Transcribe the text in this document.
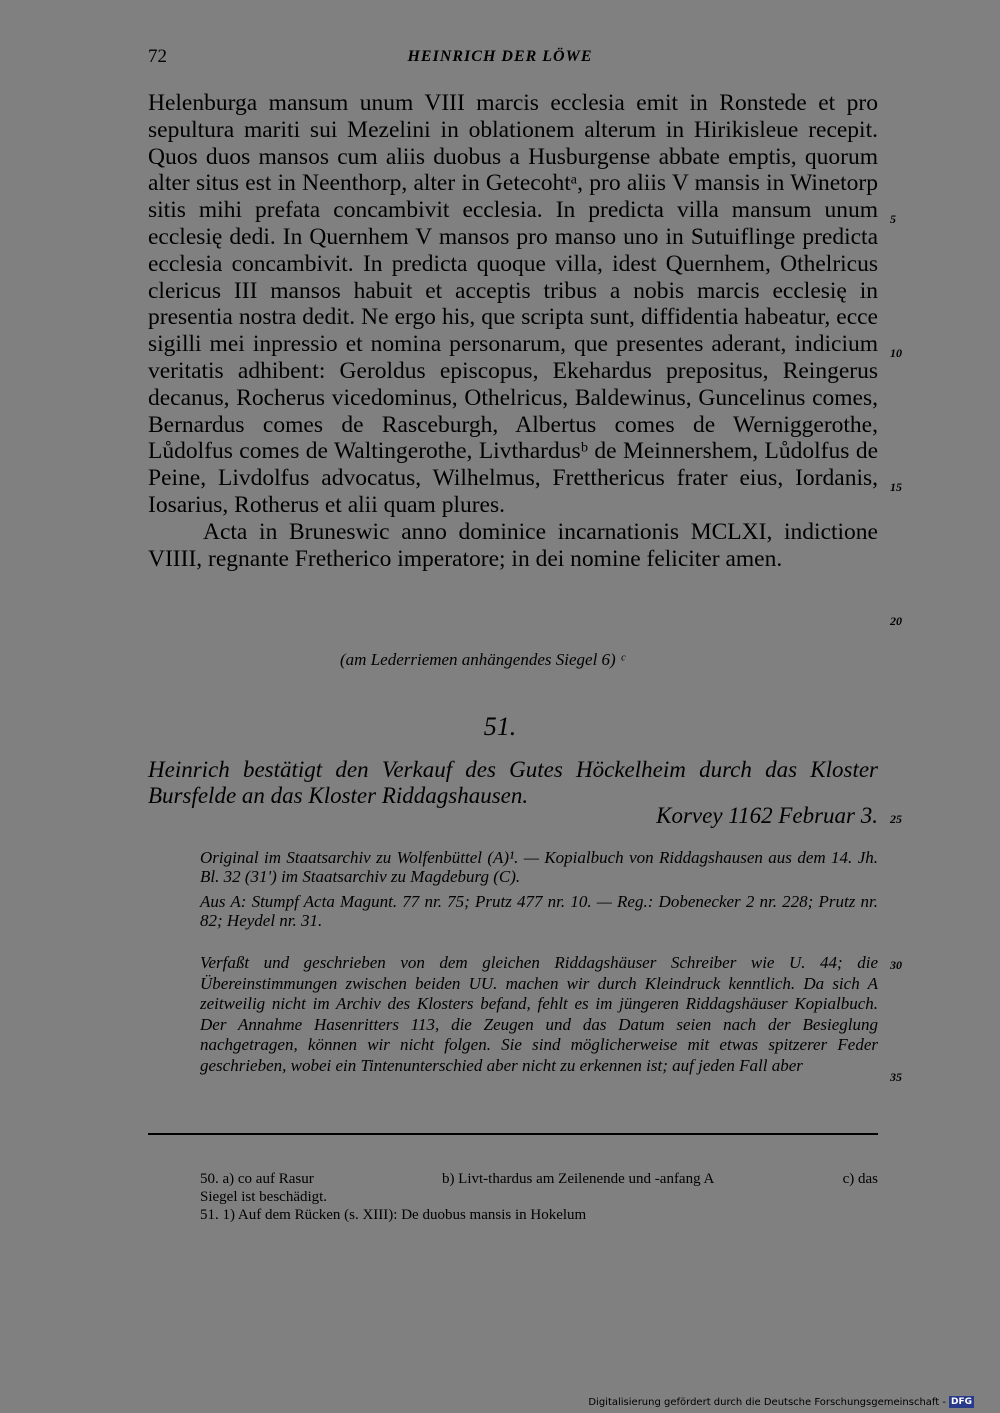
72	HEINRICH DER LÖWE

Helenburga mansum unum VIII marcis ecclesia emit in Ronstede et pro sepultura mariti sui Mezelini in oblationem alterum in Hirikisleue recepit. Quos duos mansos cum aliis duobus a Husburgense abbate emptis, quorum alter situs est in Neenthorp, alter in Getecohtᵃ, pro aliis V mansis in Winetorp sitis mihi prefata concambivit ecclesia. In predicta villa mansum unum ecclesię dedi. In Quernhem V mansos pro manso uno in Sutuiflinge predicta ecclesia concambivit. In predicta quoque villa, idest Quernhem, Othelricus clericus III mansos habuit et acceptis tribus a nobis marcis ecclesię in presentia nostra dedit. Ne ergo his, que scripta sunt, diffidentia habeatur, ecce sigilli mei inpressio et nomina personarum, que presentes aderant, indicium veritatis adhibent: Geroldus episcopus, Ekehardus prepositus, Reingerus decanus, Rocherus vicedominus, Othelricus, Baldewinus, Guncelinus comes, Bernardus comes de Rasceburgh, Albertus comes de Werniggerothe, Lůdolfus comes de Waltingerothe, Livthardusᵇ de Meinnershem, Lůdolfus de Peine, Livdolfus advocatus, Wilhelmus, Fretthericus frater eius, Iordanis, Iosarius, Rotherus et alii quam plures.

Acta in Bruneswic anno dominice incarnationis MCLXI, indictione VIIII, regnante Fretherico imperatore; in dei nomine feliciter amen.

5
10
15
20
25
30
35
(am Lederriemen anhängendes Siegel 6) ᶜ
51.
Heinrich bestätigt den Verkauf des Gutes Höckelheim durch das Kloster Bursfelde an das Kloster Riddagshausen.
Korvey 1162 Februar 3.

Original im Staatsarchiv zu Wolfenbüttel (A)¹. — Kopialbuch von Riddagshausen aus dem 14. Jh. Bl. 32 (31') im Staatsarchiv zu Magdeburg (C).

Aus A: Stumpf Acta Magunt. 77 nr. 75; Prutz 477 nr. 10. — Reg.: Dobenecker 2 nr. 228; Prutz nr. 82; Heydel nr. 31.

Verfaßt und geschrieben von dem gleichen Riddagshäuser Schreiber wie U. 44; die Übereinstimmungen zwischen beiden UU. machen wir durch Kleindruck kenntlich. Da sich A zeitweilig nicht im Archiv des Klosters befand, fehlt es im jüngeren Riddagshäuser Kopialbuch. Der Annahme Hasenritters 113, die Zeugen und das Datum seien nach der Besieglung nachgetragen, können wir nicht folgen. Sie sind möglicherweise mit etwas spitzerer Feder geschrieben, wobei ein Tintenunterschied aber nicht zu erkennen ist; auf jeden Fall aber
50. a) co auf Rasur	b) Livt-thardus am Zeilenende und -anfang A	c) das
Siegel ist beschädigt.
51. 1) Auf dem Rücken (s. XIII): De duobus mansis in Hokelum
Digitalisierung gefördert durch die Deutsche Forschungsgemeinschaft - DFG
